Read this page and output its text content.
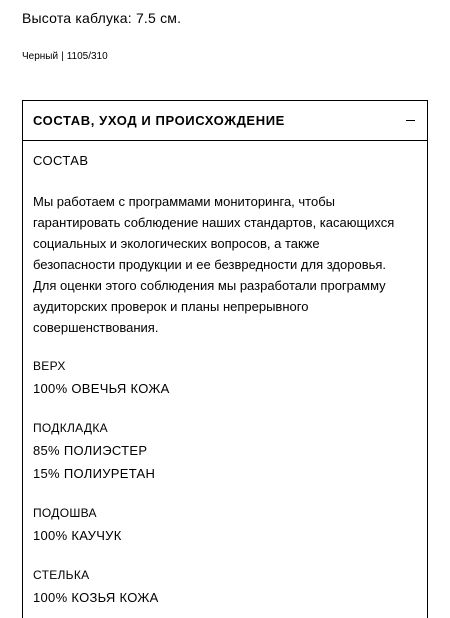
Высота каблука: 7.5 см.
Черный | 1105/310
СОСТАВ, УХОД И ПРОИСХОЖДЕНИЕ
СОСТАВ
Мы работаем с программами мониторинга, чтобы
гарантировать соблюдение наших стандартов, касающихся
социальных и экологических вопросов, а также
безопасности продукции и ее безвредности для здоровья.
Для оценки этого соблюдения мы разработали программу
аудиторских проверок и планы непрерывного
совершенствования.
ВЕРХ
100% ОВЕЧЬЯ КОЖА
ПОДКЛАДКА
85% ПОЛИЭСТЕР
15% ПОЛИУРЕТАН
ПОДОШВА
100% КАУЧУК
СТЕЛЬКА
100% КОЗЬЯ КОЖА
